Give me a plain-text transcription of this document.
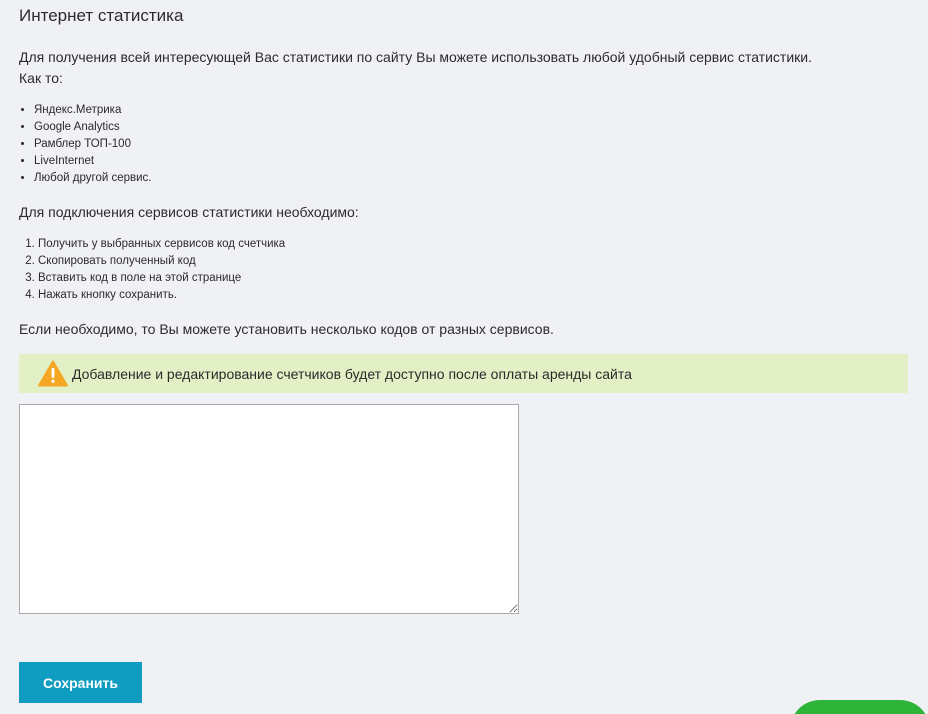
Интернет статистика

Для получения всей интересующей Вас статистики по сайту Вы можете использовать любой удобный сервис статистики.
Как то:

• Яндекс.Метрика
• Google Analytics
• Рамблер ТОП-100
• LiveInternet
• Любой другой сервис.

Для подключения сервисов статистики необходимо:

1. Получить у выбранных сервисов код счетчика
2. Скопировать полученный код
3. Вставить код в поле на этой странице
4. Нажать кнопку сохранить.

Если необходимо, то Вы можете установить несколько кодов от разных сервисов.

Добавление и редактирование счетчиков будет доступно после оплаты аренды сайта
Сохранить
